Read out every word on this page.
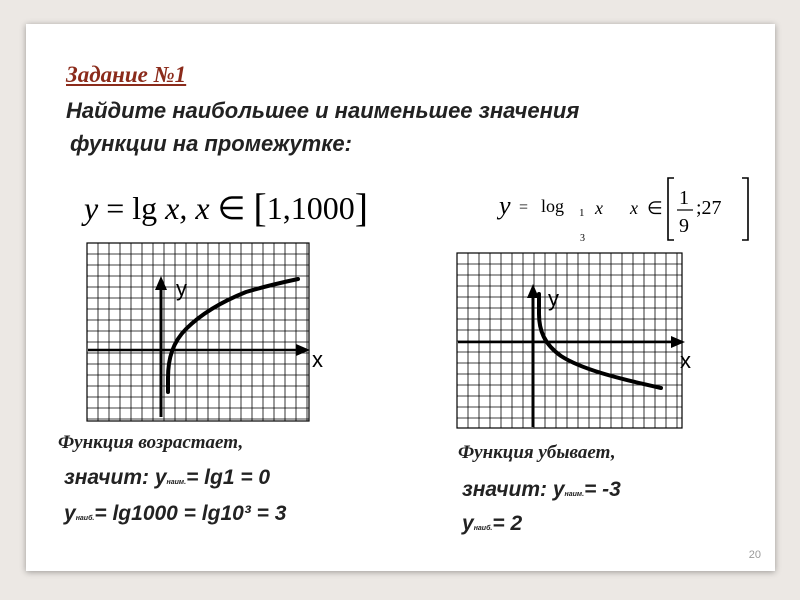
Задание №1
Найдите наибольшее и наименьшее значения
функции на промежутке:
y = lg x, x ∈ [1,1000]	y = log 1
3
x x ∈ 1
9
;27
y
x
y
x
Функция возрастает,
значит: унаим.= lg1 = 0
унаиб.= lg1000 = lg10³ = 3
Функция убывает,
значит: унаим.= -3
унаиб.= 2
20
